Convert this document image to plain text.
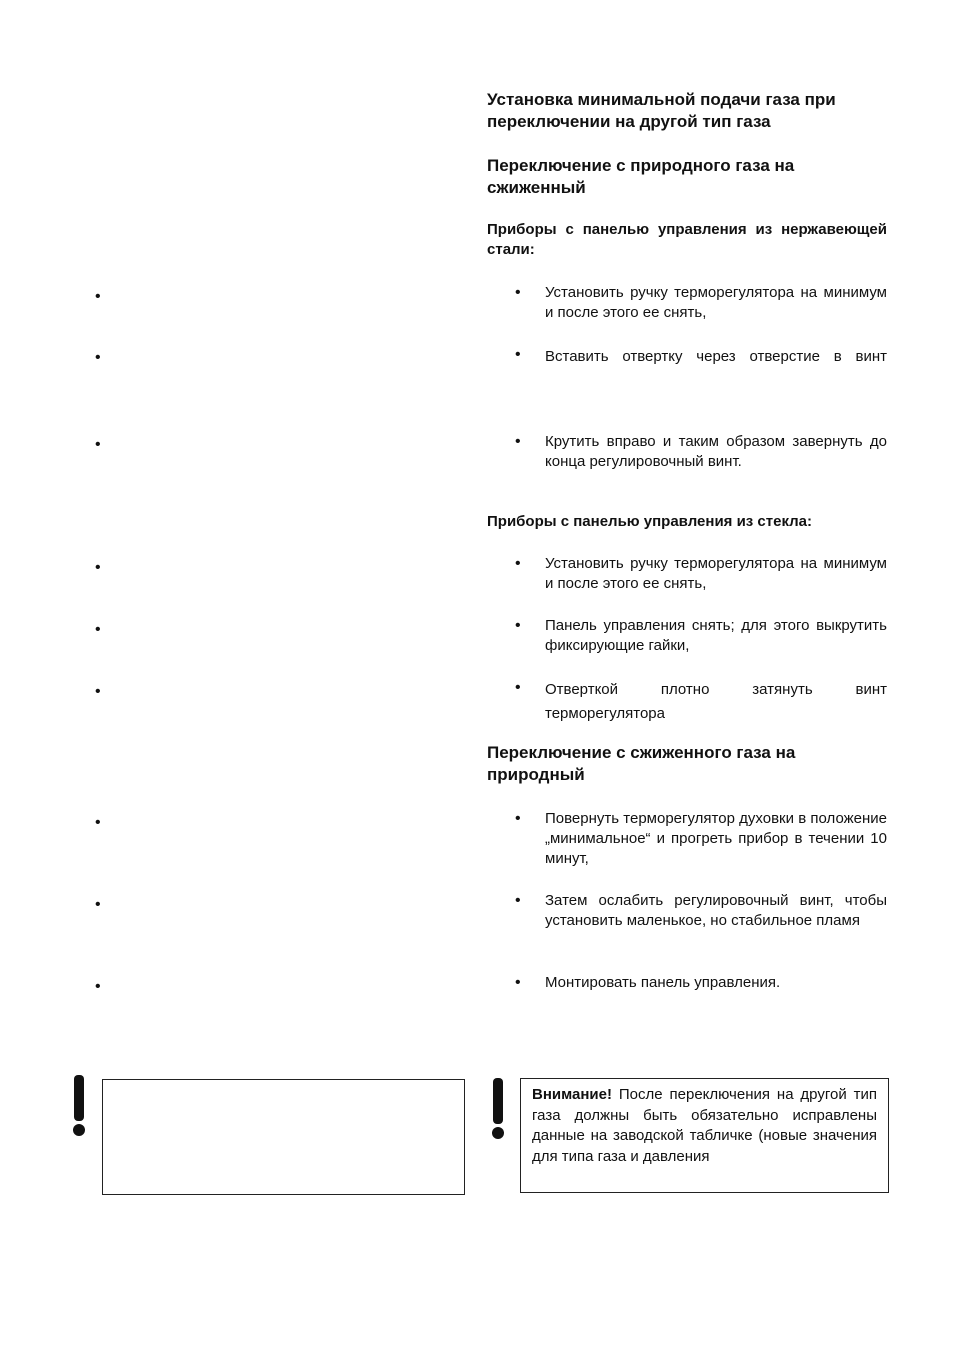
•
•
•
•
•
•
•
•
•
Установка минимальной подачи газа при переключении на другой тип газа
Переключение с природного газа на сжиженный
Приборы с панелью управления из нержавеющей стали:
• Установить ручку терморегулятора на минимум и после этого ее снять,
• Вставить отвертку через отверстие в винт
• Крутить вправо и таким образом завернуть до конца регулировочный винт.
Приборы с панелью управления из стекла:
• Установить ручку терморегулятора на минимум и после этого ее снять,
• Панель управления снять; для этого выкрутить фиксирующие гайки,
• Отверткой плотно затянуть винт терморегулятора
Переключение с сжиженного газа на природный
• Повернуть терморегулятор духовки в положение „минимальное“ и прогреть прибор в течении 10 минут,
• Затем ослабить регулировочный винт, чтобы установить маленькое, но стабильное пламя
• Монтировать панель управления.
Внимание! После переключения на другой тип газа должны быть обязательно исправлены данные на заводской табличке (новые значения для типа газа и давления
